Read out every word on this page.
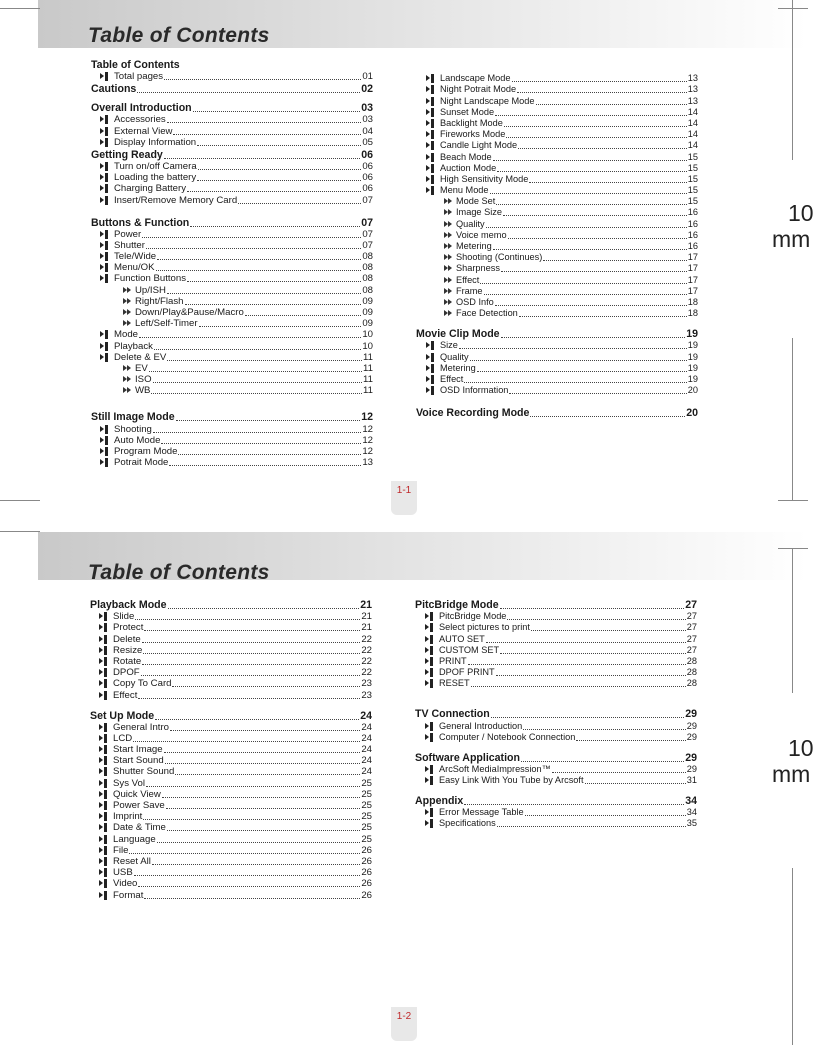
10
mm
Table of Contents
Table of Contents
Total pages	01
Cautions	02
Overall Introduction	03
Accessories	03
External View	04
Display Information	05
Getting Ready	06
Turn on/off Camera	06
Loading the battery	06
Charging Battery	06
Insert/Remove Memory Card	07
Buttons & Function	07
Power	07
Shutter	07
Tele/Wide	08
Menu/OK	08
Function Buttons	08
Up/ISH	08
Right/Flash	09
Down/Play&Pause/Macro	09
Left/Self-Timer	09
Mode	10
Playback	10
Delete & EV	11
EV	11
ISO	11
WB	11
Still Image Mode	12
Shooting	12
Auto Mode	12
Program Mode	12
Potrait Mode	13
Landscape Mode	13
Night Potrait Mode	13
Night Landscape Mode	13
Sunset Mode	14
Backlight Mode	14
Fireworks Mode	14
Candle Light Mode	14
Beach Mode	15
Auction Mode	15
High Sensitivity Mode	15
Menu Mode	15
Mode Set	15
Image Size	16
Quality	16
Voice memo	16
Metering	16
Shooting (Continues)	17
Sharpness	17
Effect	17
Frame	17
OSD Info	18
Face Detection	18
Movie Clip Mode	19
Size	19
Quality	19
Metering	19
Effect	19
OSD Information	20
Voice Recording Mode	20
1-1
10
mm
Table of Contents
Playback Mode	21
Slide	21
Protect	21
Delete	22
Resize	22
Rotate	22
DPOF	22
Copy To Card	23
Effect	23
Set Up Mode	24
General Intro	24
LCD	24
Start Image	24
Start Sound	24
Shutter Sound	24
Sys Vol	25
Quick View	25
Power Save	25
Imprint	25
Date & Time	25
Language	25
File	26
Reset All	26
USB	26
Video	26
Format	26
PitcBridge Mode	27
PitcBridge Mode	27
Select pictures to print	27
AUTO SET	27
CUSTOM SET	27
PRINT	28
DPOF PRINT	28
RESET	28
TV Connection	29
General Introduction	29
Computer / Notebook Connection	29
Software Application	29
ArcSoft MediaImpression™	29
Easy Link With You Tube by Arcsoft	31
Appendix	34
Error Message Table	34
Specifications	35
1-2
